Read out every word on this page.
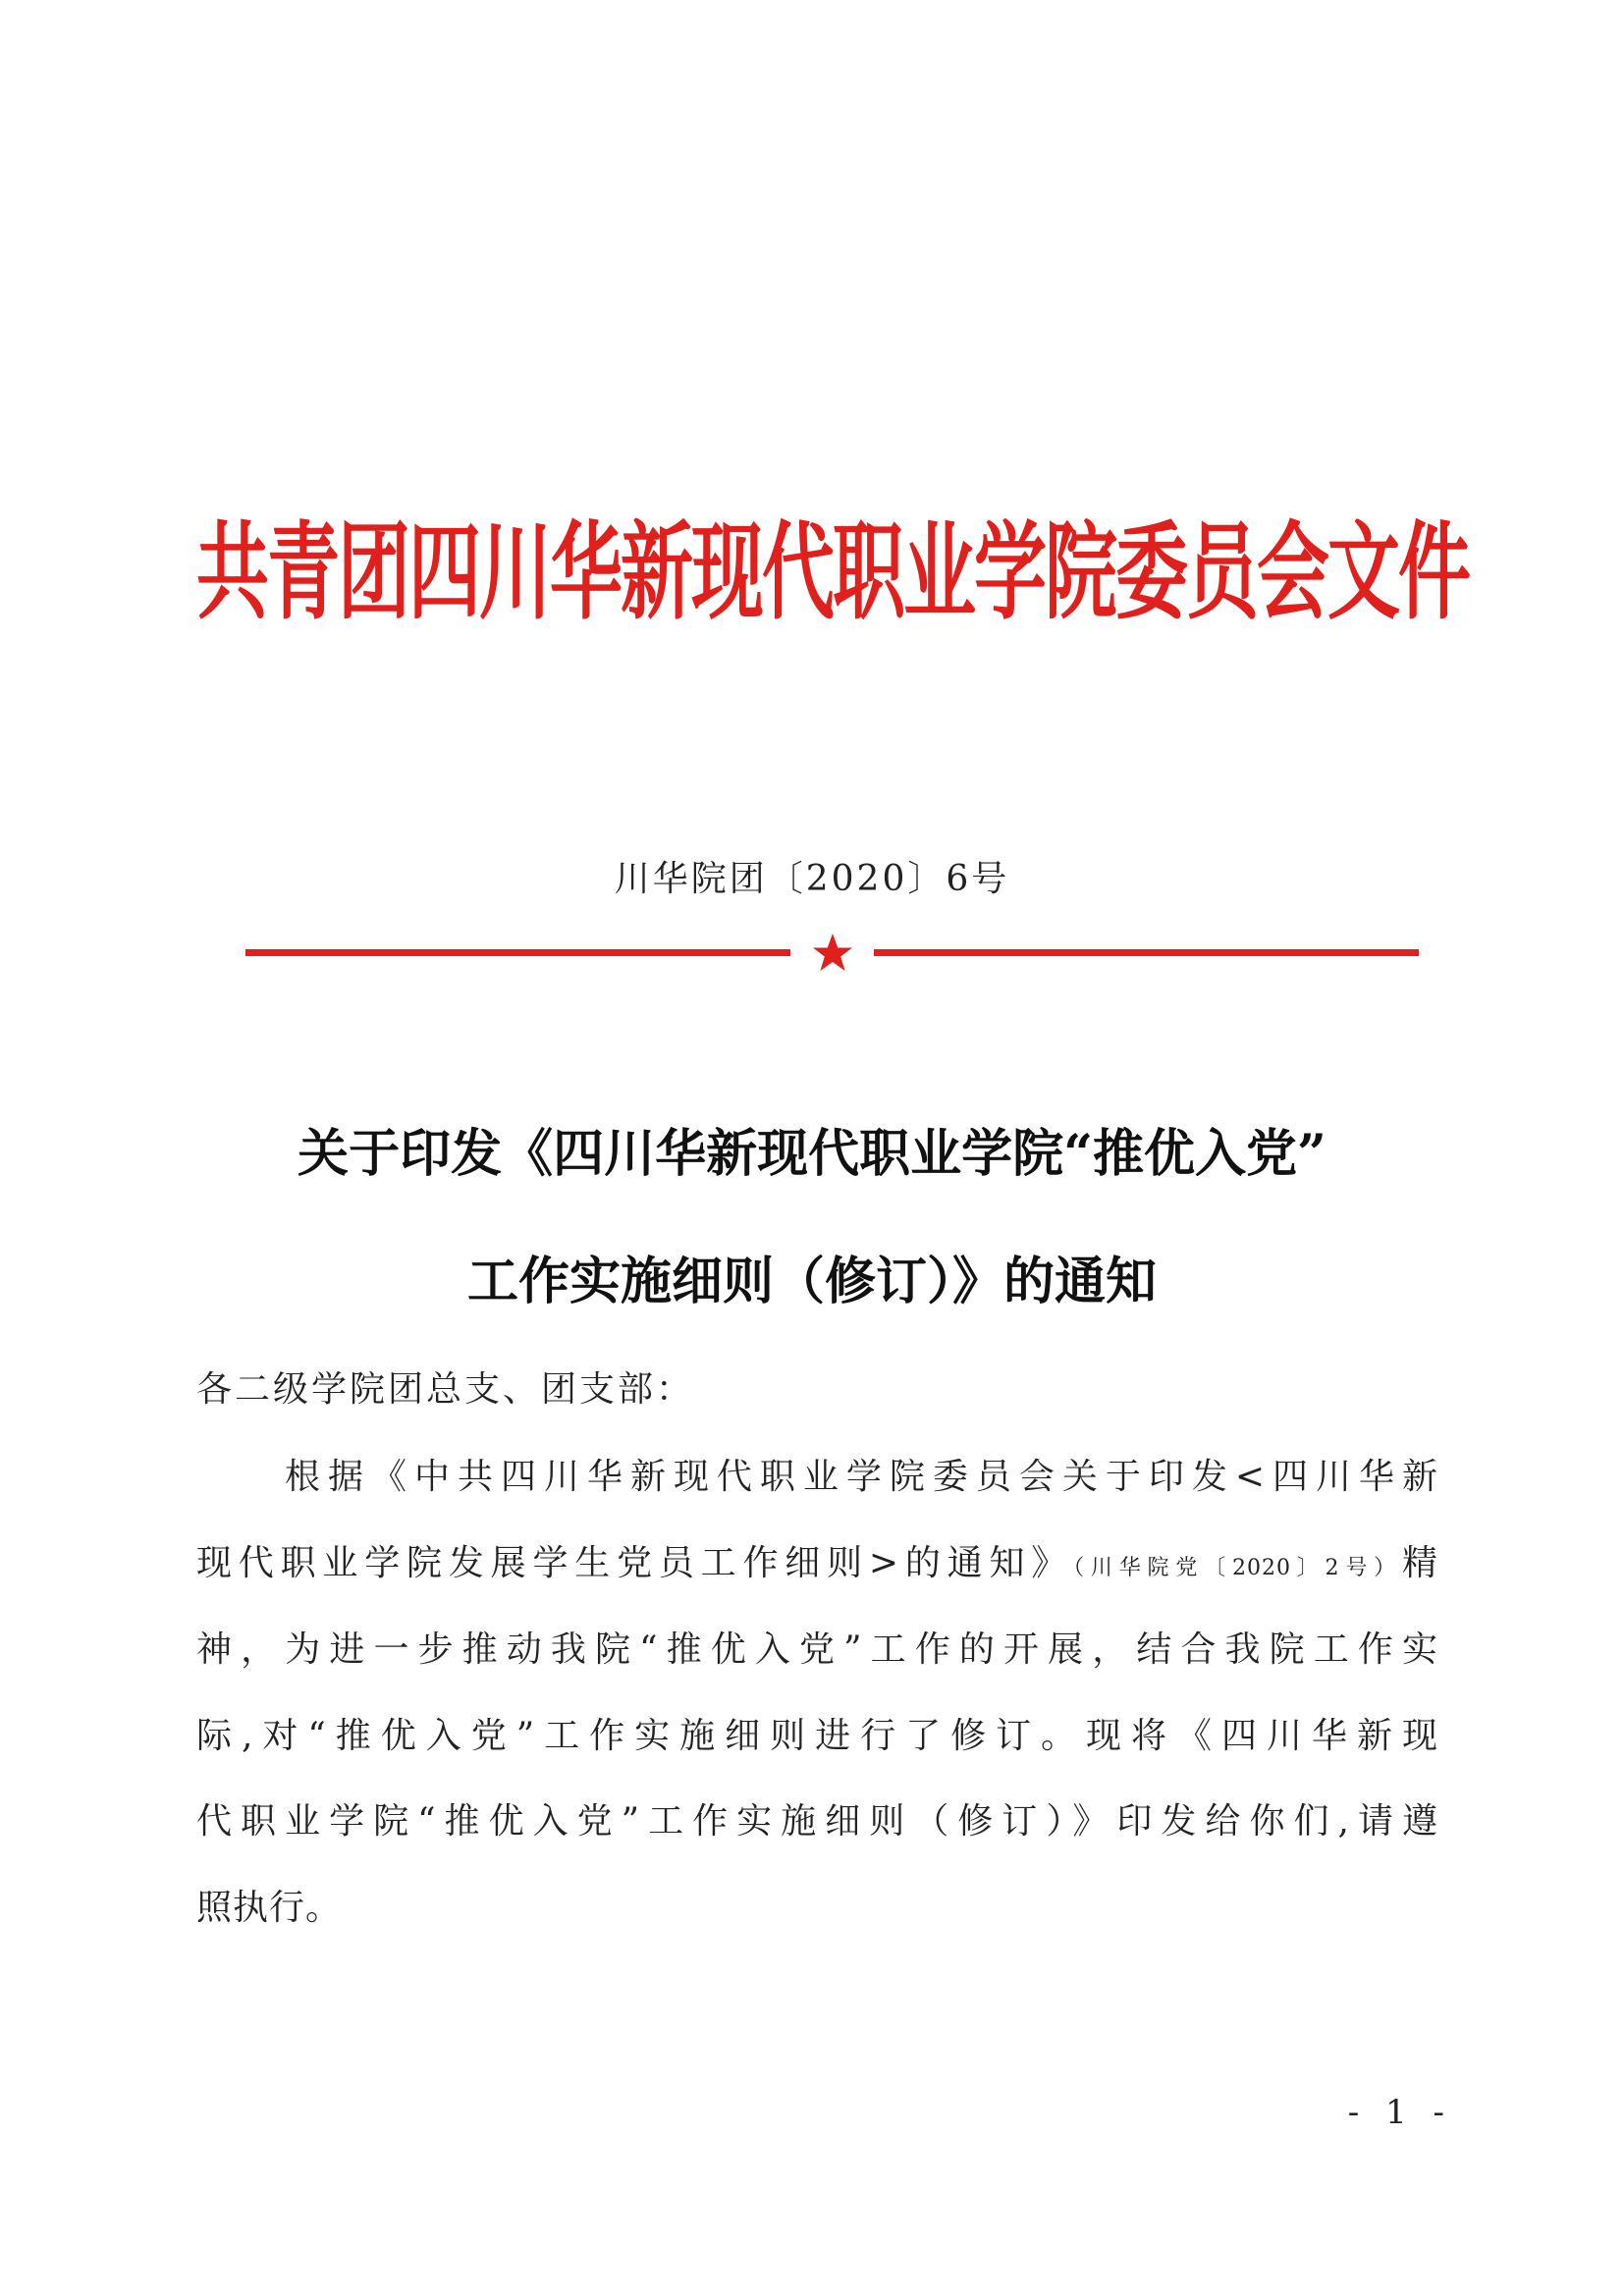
共青团四川华新现代职业学院委员会文件
川华院团〔2020〕6号
关于印发《四川华新现代职业学院“推优入党”
工作实施细则（修订）》的通知
各二级学院团总支、团支部：
根据《中共四川华新现代职业学院委员会关于印发<四川华新
现代职业学院发展学生党员工作细则>的通知》（川华院党〔2020〕2号）精
神，为进一步推动我院“推优入党”工作的开展，结合我院工作实
际,对“推优入党”工作实施细则进行了修订。现将《四川华新现
代职业学院“推优入党”工作实施细则（修订）》印发给你们,请遵
照执行。
- 1 -
